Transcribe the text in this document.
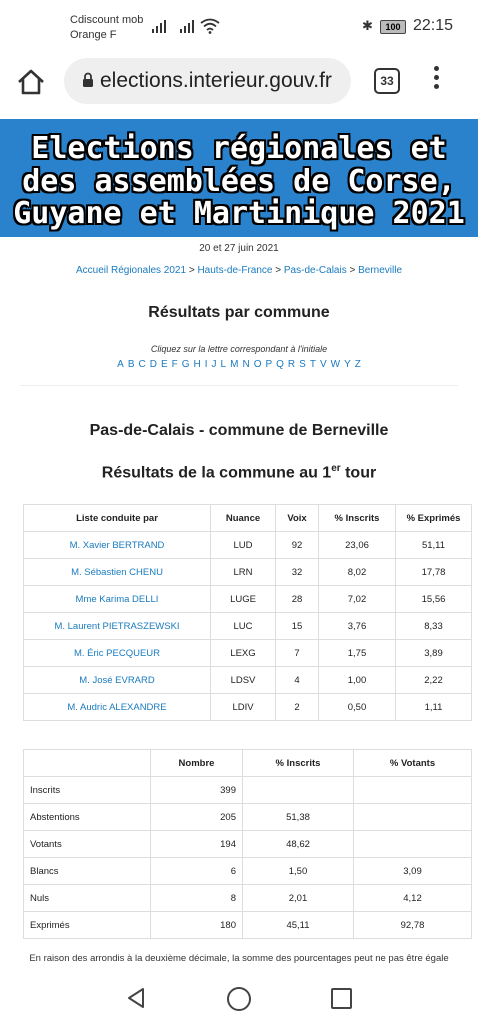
Cdiscount mob
Orange F
✱	100 22:15
elections.interieur.gouv.fr	33
Elections régionales et
des assemblées de Corse,
Guyane et Martinique 2021
20 et 27 juin 2021
Accueil Régionales 2021 > Hauts-de-France > Pas-de-Calais > Berneville
Résultats par commune
Cliquez sur la lettre correspondant à l'initiale
A B C D E F G H I J L M N O P Q R S T V W Y Z
Pas-de-Calais - commune de Berneville
Résultats de la commune au 1er tour
Liste conduite par	Nuance	Voix	% Inscrits	% Exprimés
M. Xavier BERTRAND	LUD	92	23,06	51,11
M. Sébastien CHENU	LRN	32	8,02	17,78
Mme Karima DELLI	LUGE	28	7,02	15,56
M. Laurent PIETRASZEWSKI	LUC	15	3,76	8,33
M. Éric PECQUEUR	LEXG	7	1,75	3,89
M. José EVRARD	LDSV	4	1,00	2,22
M. Audric ALEXANDRE	LDIV	2	0,50	1,11
	Nombre	% Inscrits	% Votants
Inscrits	399		
Abstentions	205	51,38	
Votants	194	48,62	
Blancs	6	1,50	3,09
Nuls	8	2,01	4,12
Exprimés	180	45,11	92,78
En raison des arrondis à la deuxième décimale, la somme des pourcentages peut ne pas être égale
